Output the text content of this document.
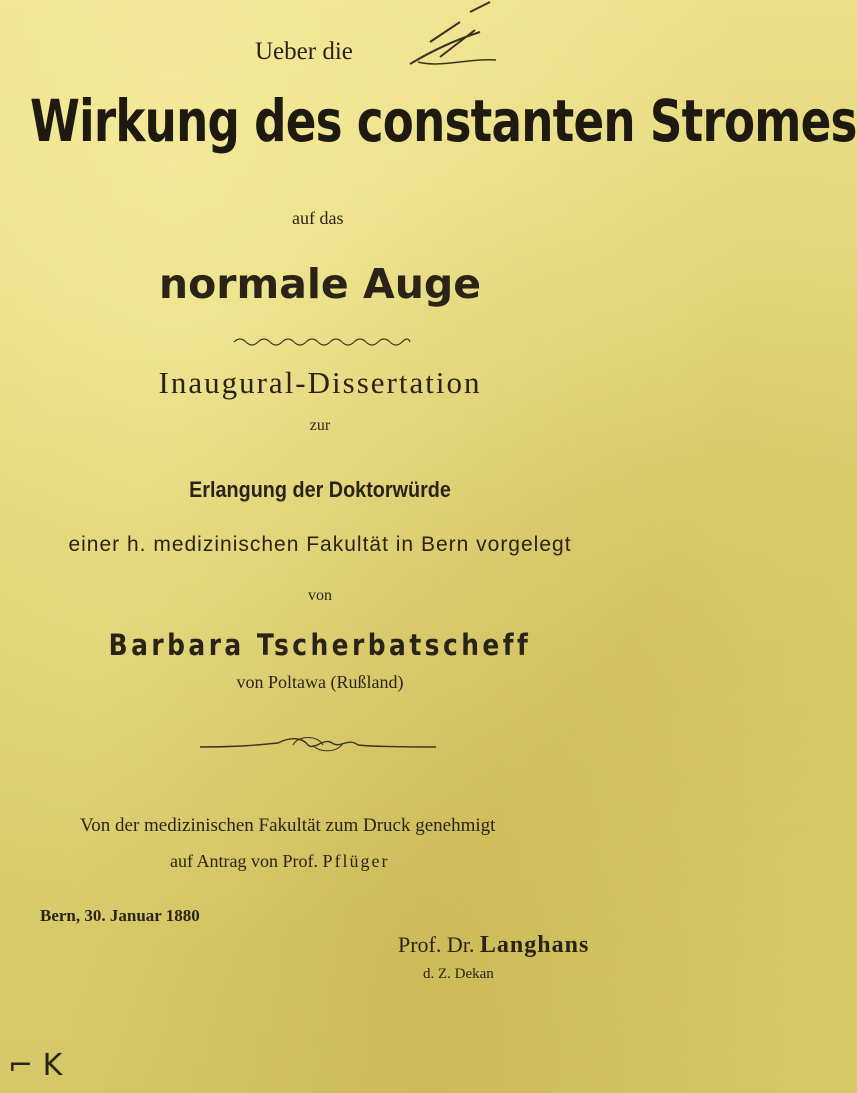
Ueber die
Wirkung des constanten Stromes
auf das
normale Auge
Inaugural-Dissertation
zur
Erlangung der Doktorwürde
einer h. medizinischen Fakultät in Bern vorgelegt
von
Barbara Tscherbatscheff
von Poltawa (Rußland)
Von der medizinischen Fakultät zum Druck genehmigt
auf Antrag von Prof. Pflüger
Bern, 30. Januar 1880
Prof. Dr. Langhans
d. Z. Dekan
⌐ K
